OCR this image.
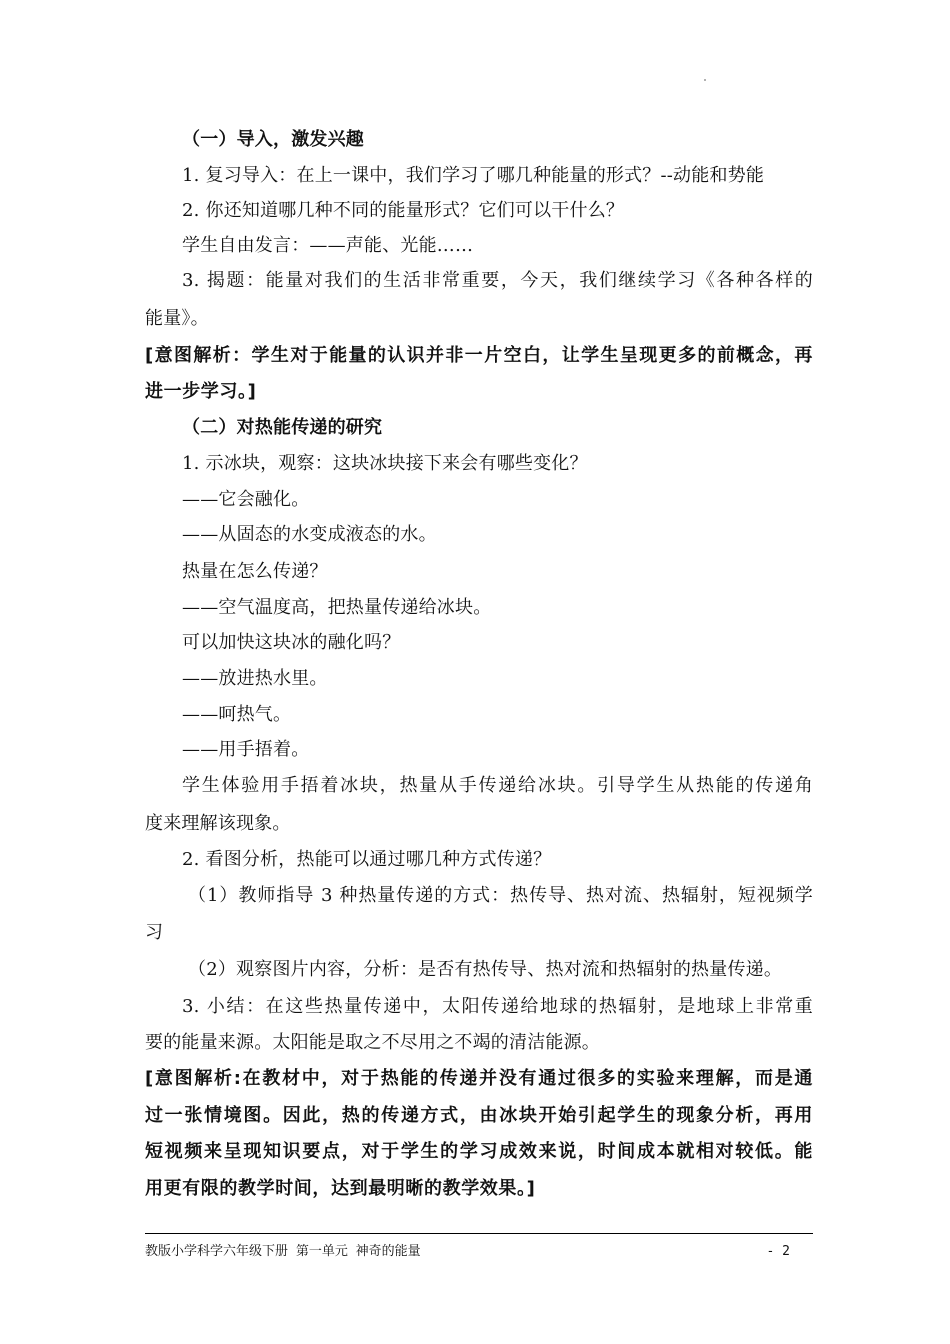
（一）导入，激发兴趣
1. 复习导入：在上一课中，我们学习了哪几种能量的形式？--动能和势能
2. 你还知道哪几种不同的能量形式？它们可以干什么？
学生自由发言：——声能、光能……
3. 揭题：能量对我们的生活非常重要，今天，我们继续学习《各种各样的
能量》。
[意图解析：学生对于能量的认识并非一片空白，让学生呈现更多的前概念，再
进一步学习。]
（二）对热能传递的研究
1. 示冰块，观察：这块冰块接下来会有哪些变化？
——它会融化。
——从固态的水变成液态的水。
热量在怎么传递？
——空气温度高，把热量传递给冰块。
可以加快这块冰的融化吗？
——放进热水里。
——呵热气。
——用手捂着。
学生体验用手捂着冰块，热量从手传递给冰块。引导学生从热能的传递角
度来理解该现象。
2. 看图分析，热能可以通过哪几种方式传递？
（1）教师指导 3 种热量传递的方式：热传导、热对流、热辐射，短视频学
习
（2）观察图片内容，分析：是否有热传导、热对流和热辐射的热量传递。
3. 小结：在这些热量传递中，太阳传递给地球的热辐射，是地球上非常重
要的能量来源。太阳能是取之不尽用之不竭的清洁能源。
[意图解析:在教材中，对于热能的传递并没有通过很多的实验来理解，而是通
过一张情境图。因此，热的传递方式，由冰块开始引起学生的现象分析，再用
短视频来呈现知识要点，对于学生的学习成效来说，时间成本就相对较低。能
用更有限的教学时间，达到最明晰的教学效果。]
教版小学科学六年级下册 第一单元 神奇的能量	- 2
